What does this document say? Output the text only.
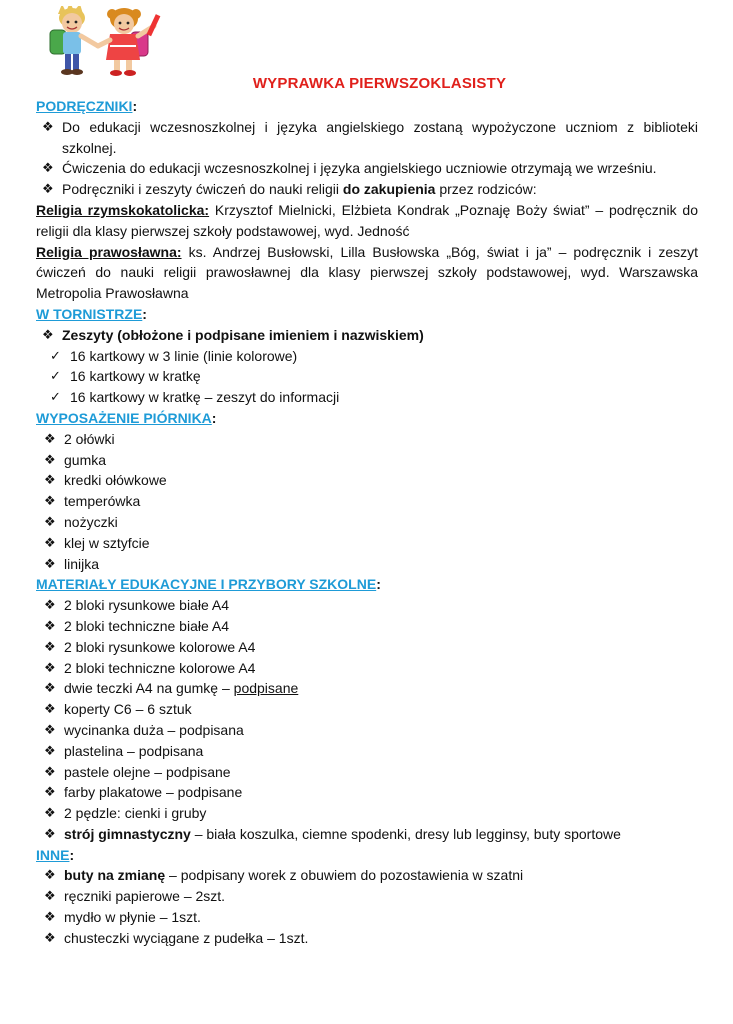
WYPRAWKA PIERWSZOKLASISTY

PODRĘCZNIKI:

❖ Do edukacji wczesnoszkolnej i języka angielskiego zostaną wypożyczone uczniom z biblioteki szkolnej.
❖ Ćwiczenia do edukacji wczesnoszkolnej i języka angielskiego uczniowie otrzymają we wrześniu.
❖ Podręczniki i zeszyty ćwiczeń do nauki religii do zakupienia przez rodziców:

Religia rzymskokatolicka: Krzysztof Mielnicki, Elżbieta Kondrak „Poznaję Boży świat” – podręcznik do religii dla klasy pierwszej szkoły podstawowej, wyd. Jedność

Religia prawosławna: ks. Andrzej Busłowski, Lilla Busłowska „Bóg, świat i ja” – podręcznik i zeszyt ćwiczeń do nauki religii prawosławnej dla klasy pierwszej szkoły podstawowej, wyd. Warszawska Metropolia Prawosławna

W TORNISTRZE:

❖ Zeszyty (obłożone i podpisane imieniem i nazwiskiem)
✓ 16 kartkowy w 3 linie (linie kolorowe)
✓ 16 kartkowy w kratkę
✓ 16 kartkowy w kratkę – zeszyt do informacji

WYPOSAŻENIE PIÓRNIKA:

❖ 2 ołówki
❖ gumka
❖ kredki ołówkowe
❖ temperówka
❖ nożyczki
❖ klej w sztyfcie
❖ linijka

MATERIAŁY EDUKACYJNE I PRZYBORY SZKOLNE:

❖ 2 bloki rysunkowe białe A4
❖ 2 bloki techniczne białe A4
❖ 2 bloki rysunkowe kolorowe A4
❖ 2 bloki techniczne kolorowe A4
❖ dwie teczki A4 na gumkę – podpisane
❖ koperty C6 – 6 sztuk
❖ wycinanka duża – podpisana
❖ plastelina – podpisana
❖ pastele olejne – podpisane
❖ farby plakatowe – podpisane
❖ 2 pędzle: cienki i gruby
❖ strój gimnastyczny – biała koszulka, ciemne spodenki, dresy lub legginsy, buty sportowe

INNE:

❖ buty na zmianę – podpisany worek z obuwiem do pozostawienia w szatni
❖ ręczniki papierowe – 2szt.
❖ mydło w płynie – 1szt.
❖ chusteczki wyciągane z pudełka – 1szt.
